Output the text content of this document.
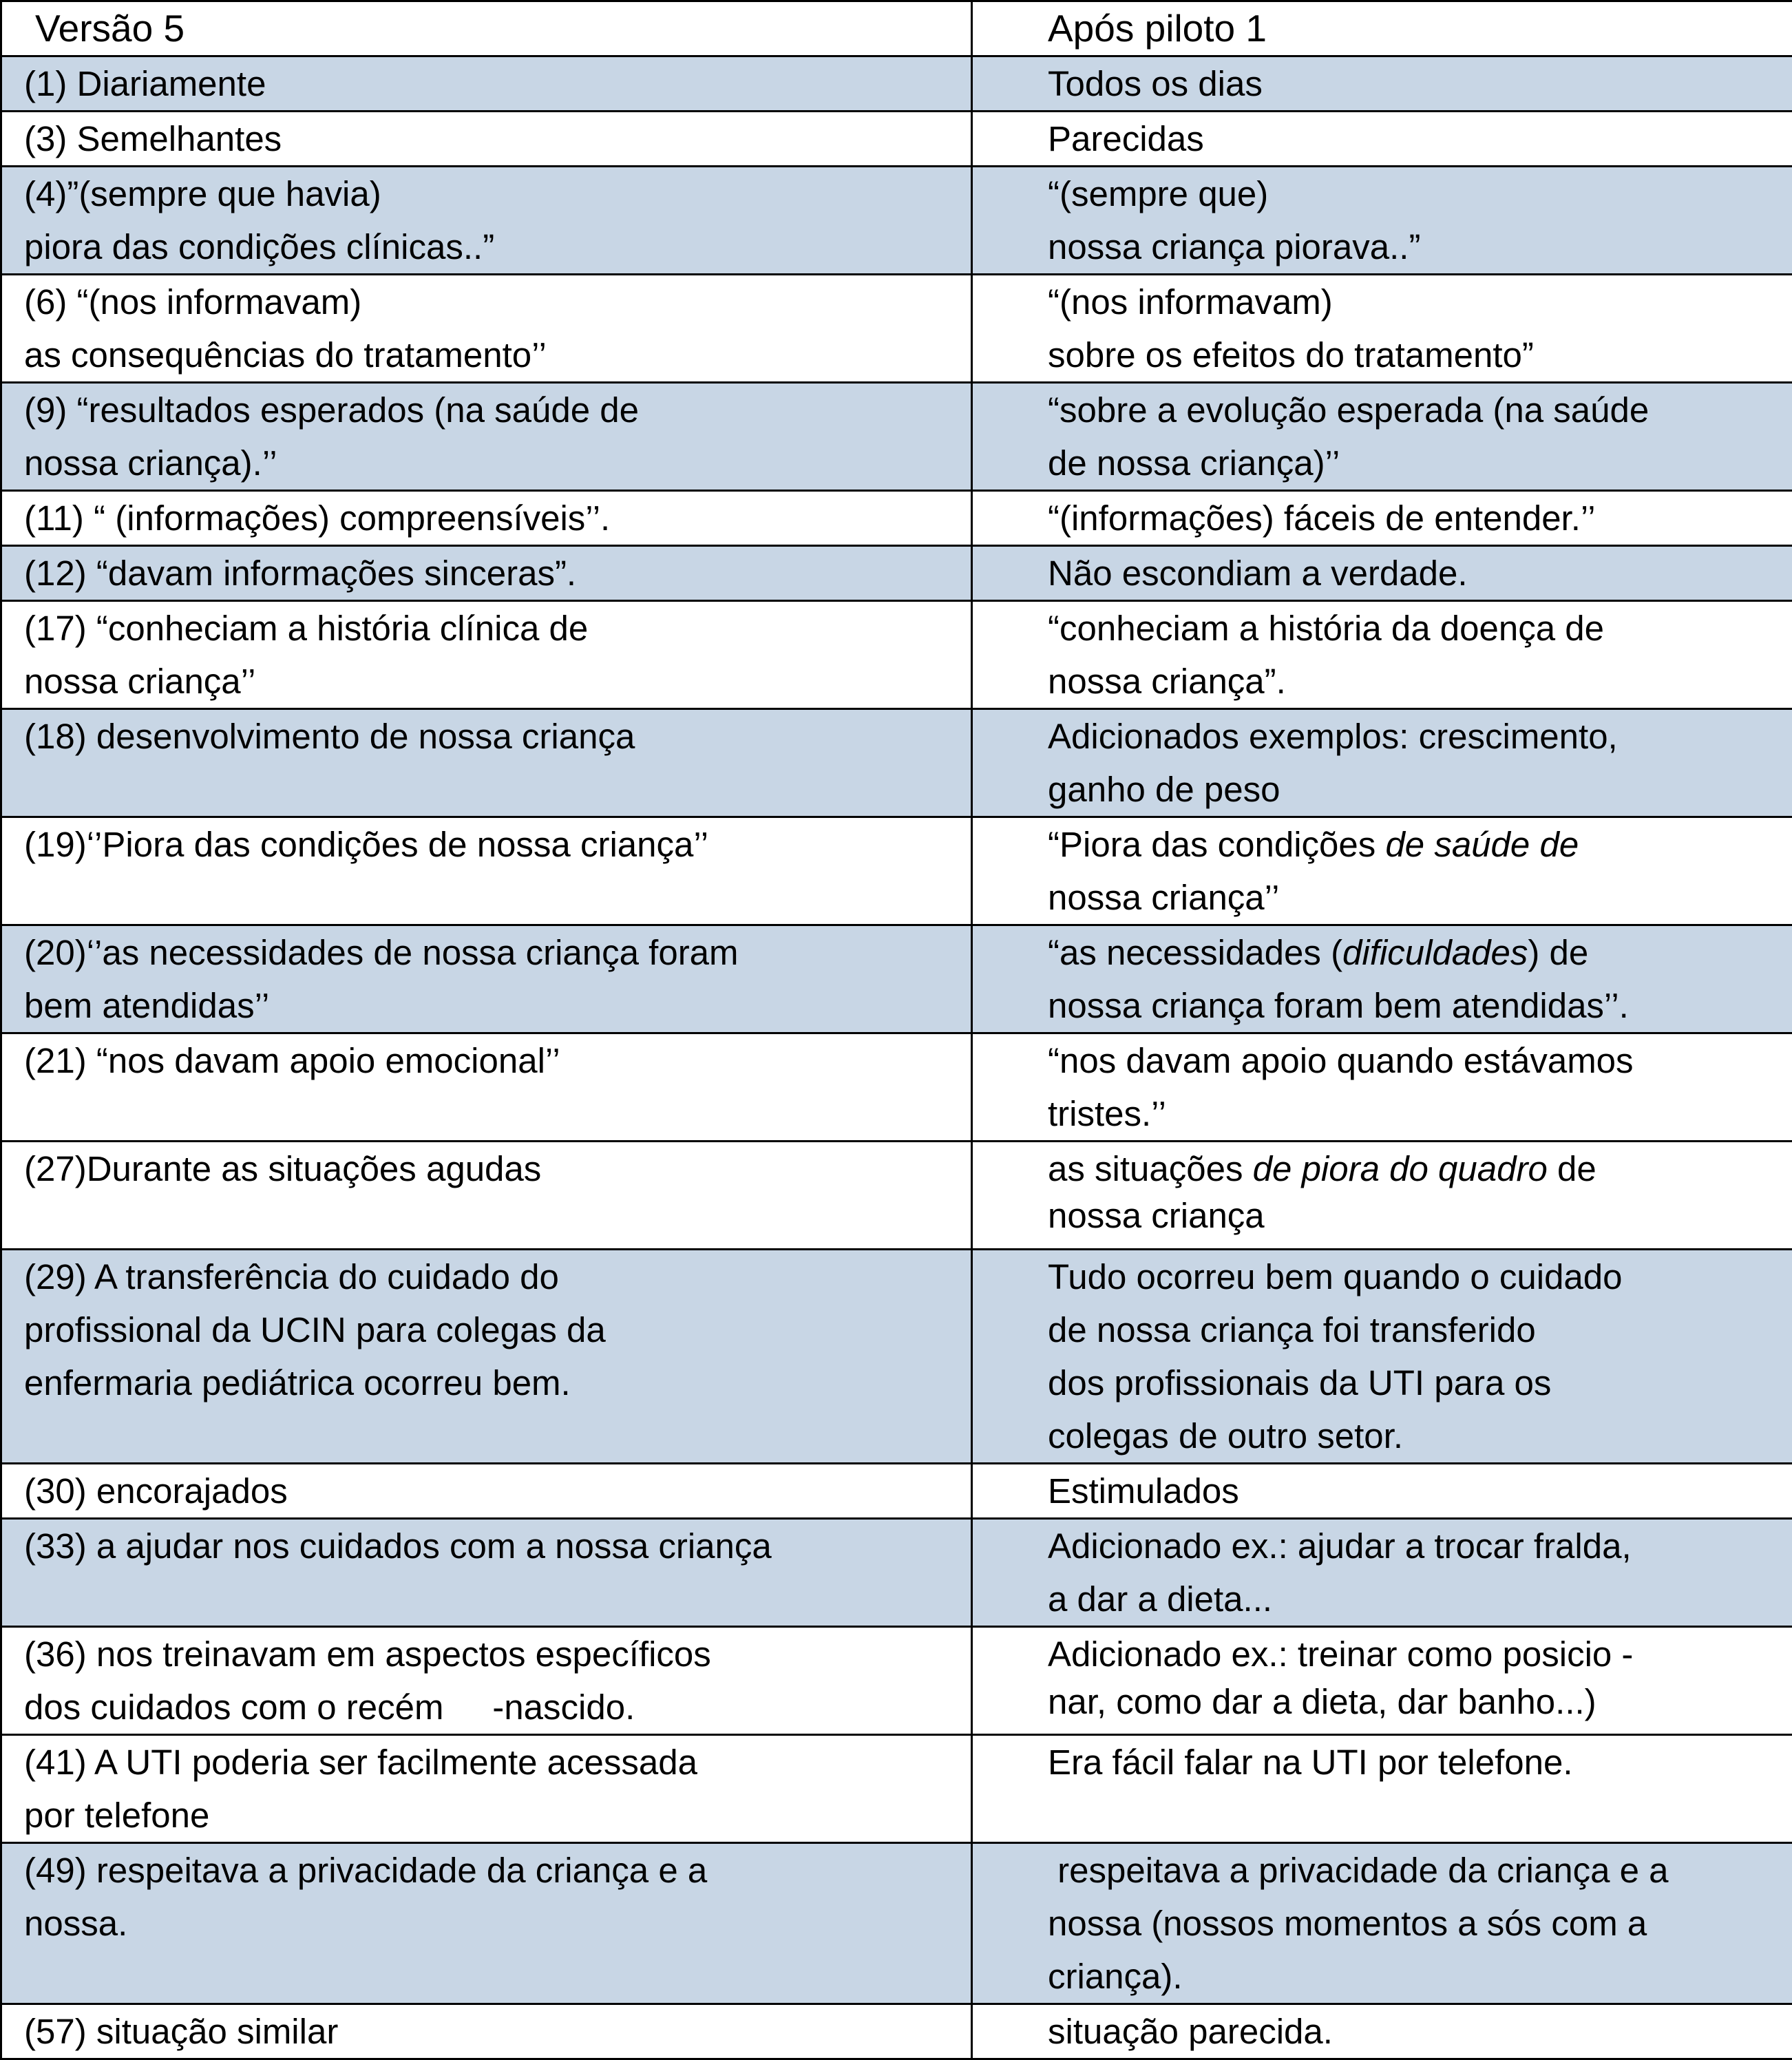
Versão 5	Após piloto 1

(1) Diariamente	Todos os dias

(3) Semelhantes	Parecidas

(4)”(sempre que havia)
piora das condições clínicas..”	“(sempre que)
nossa criança piorava..”

(6) “(nos informavam)
as consequências do tratamento’’	“(nos informavam)
sobre os efeitos do tratamento”

(9) “resultados esperados (na saúde de
nossa criança).’’	“sobre a evolução esperada (na saúde
de nossa criança)’’

(11) “ (informações) compreensíveis’’.	“(informações) fáceis de entender.’’

(12) “davam informações sinceras”.	Não escondiam a verdade.

(17) “conheciam a história clínica de
nossa criança’’	“conheciam a história da doença de
nossa criança”.

(18) desenvolvimento de nossa criança	Adicionados exemplos: crescimento,
ganho de peso

(19)‘’Piora das condições de nossa criança’’	“Piora das condições de saúde de
nossa criança’’

(20)‘’as necessidades de nossa criança foram
bem atendidas’’	“as necessidades (dificuldades) de
nossa criança foram bem atendidas’’.

(21) “nos davam apoio emocional’’	“nos davam apoio quando estávamos
tristes.’’

(27)Durante as situações agudas	as situações de piora do quadro de
nossa criança

(29) A transferência do cuidado do
profissional da UCIN para colegas da
enfermaria pediátrica ocorreu bem.	Tudo ocorreu bem quando o cuidado
de nossa criança foi transferido
dos profissionais da UTI para os
colegas de outro setor.

(30) encorajados	Estimulados

(33) a ajudar nos cuidados com a nossa criança	Adicionado ex.: ajudar a trocar fralda,
a dar a dieta...

(36) nos treinavam em aspectos específicos
dos cuidados com o recém     -nascido.	Adicionado ex.: treinar como posicio -
nar, como dar a dieta, dar banho...)

(41) A UTI poderia ser facilmente acessada
por telefone	Era fácil falar na UTI por telefone.

(49) respeitava a privacidade da criança e a
nossa.	respeitava a privacidade da criança e a
nossa (nossos momentos a sós com a
criança).

(57) situação similar	situação parecida.
